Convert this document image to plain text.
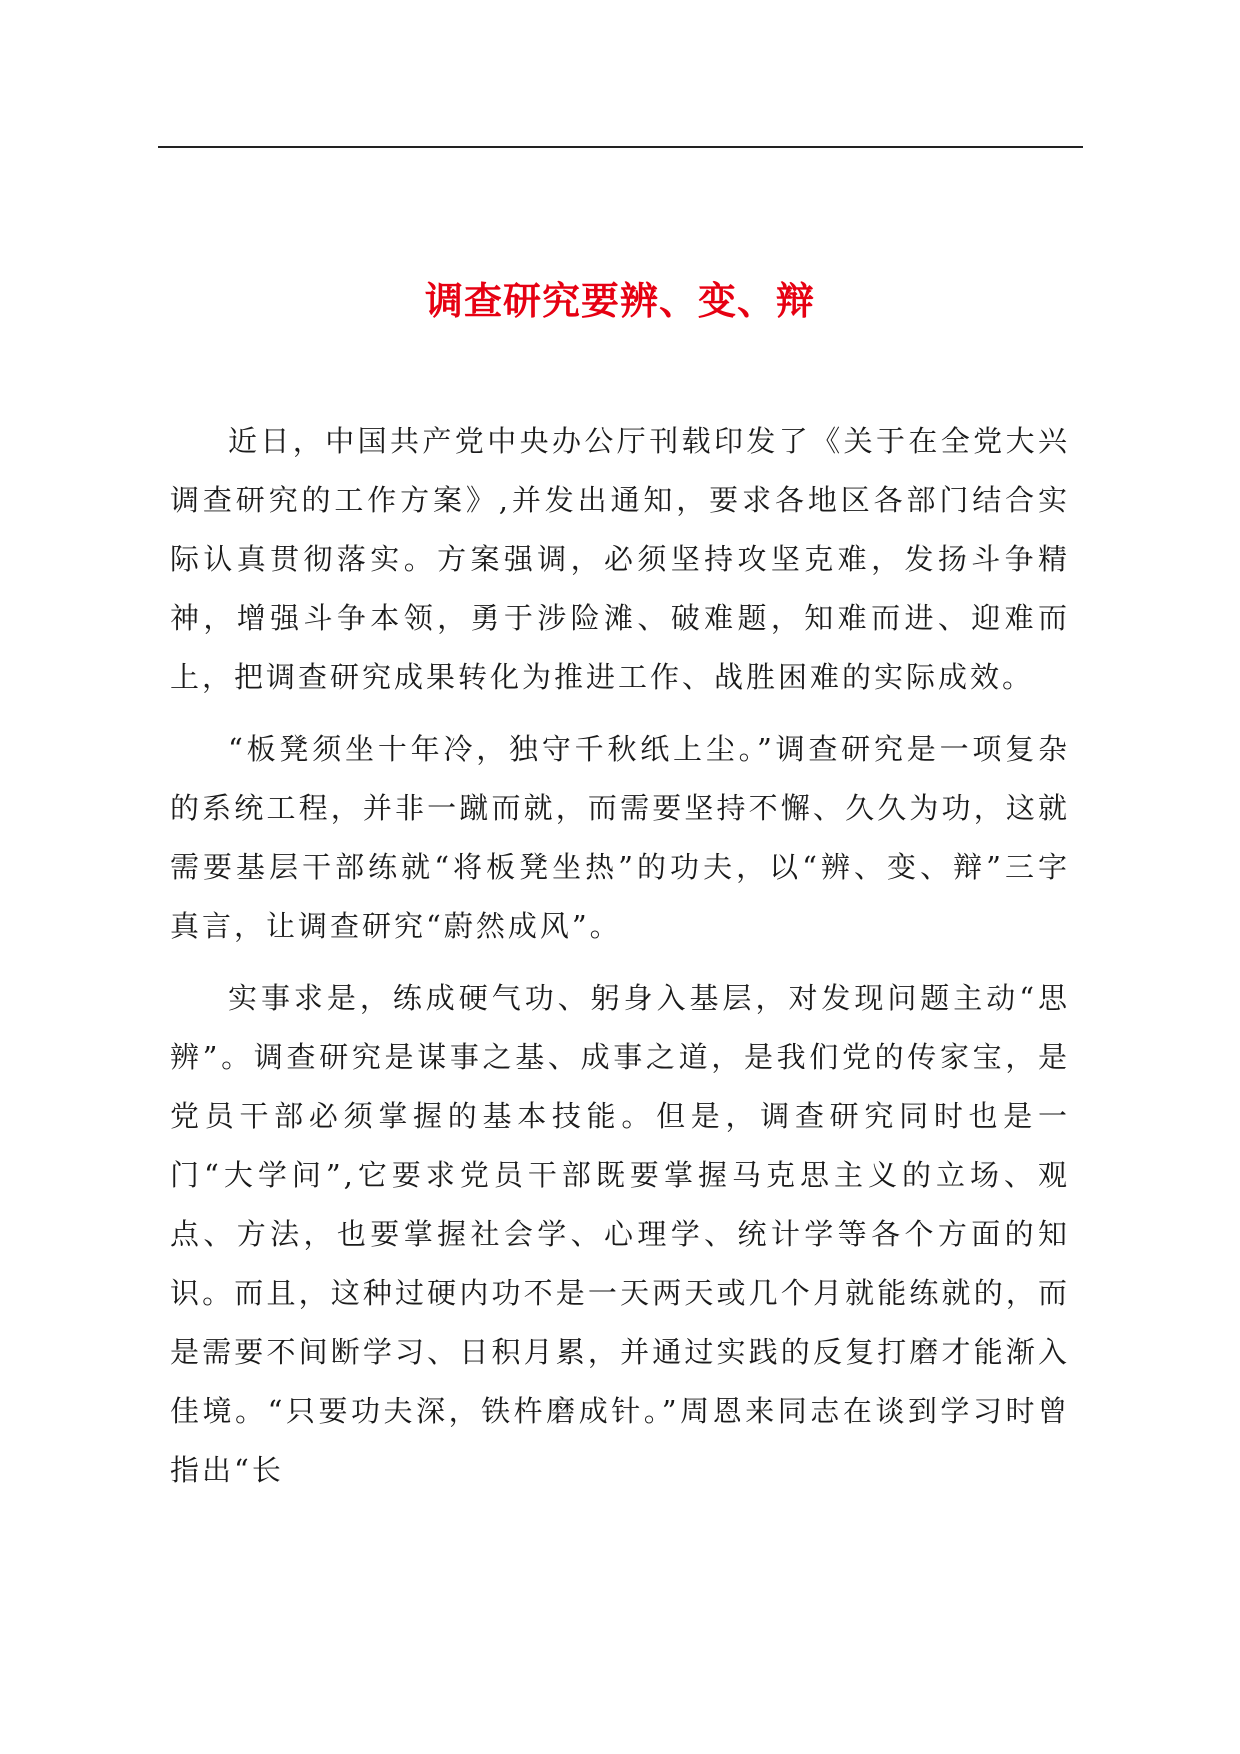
调查研究要辨、变、辩

近日，中国共产党中央办公厅刊载印发了《关于在全党大兴调查研究的工作方案》,并发出通知，要求各地区各部门结合实际认真贯彻落实。方案强调，必须坚持攻坚克难，发扬斗争精神，增强斗争本领，勇于涉险滩、破难题，知难而进、迎难而上，把调查研究成果转化为推进工作、战胜困难的实际成效。

“板凳须坐十年冷，独守千秋纸上尘。”调查研究是一项复杂的系统工程，并非一蹴而就，而需要坚持不懈、久久为功，这就需要基层干部练就“将板凳坐热”的功夫，以“辨、变、辩”三字真言，让调查研究“蔚然成风”。

实事求是，练成硬气功、躬身入基层，对发现问题主动“思辨”。调查研究是谋事之基、成事之道，是我们党的传家宝，是党员干部必须掌握的基本技能。但是，调查研究同时也是一门“大学问”,它要求党员干部既要掌握马克思主义的立场、观点、方法，也要掌握社会学、心理学、统计学等各个方面的知识。而且，这种过硬内功不是一天两天或几个月就能练就的，而是需要不间断学习、日积月累，并通过实践的反复打磨才能渐入佳境。“只要功夫深，铁杵磨成针。”周恩来同志在谈到学习时曾指出“长
